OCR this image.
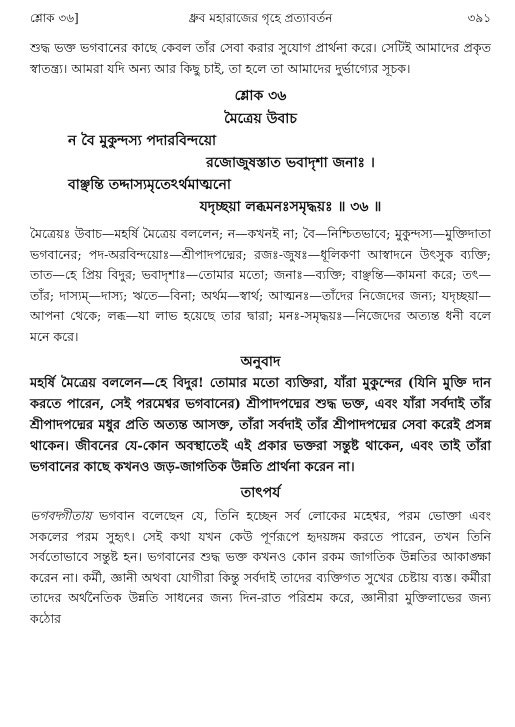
শ্লোক ৩৬]	ধ্রুব মহারাজের গৃহে প্রত্যাবর্তন	৩৯১

শুদ্ধ ভক্ত ভগবানের কাছে কেবল তাঁর সেবা করার সুযোগ প্রার্থনা করে। সেটিই আমাদের প্রকৃত স্বাতন্ত্র্য। আমরা যদি অন্য আর কিছু চাই, তা হলে তা আমাদের দুর্ভাগ্যের সূচক।

শ্লোক ৩৬

মৈত্রেয় উবাচ

ন বৈ মুকুন্দস্য পদারবিন্দয়ো

রজোজুষস্তাত ভবাদৃশা জনাঃ ।

বাঞ্ছন্তি তদ্দাস্যমৃতেঽর্থমাত্মনো

যদৃচ্ছয়া লব্ধমনঃসমৃদ্ধয়ঃ ॥ ৩৬ ॥

মৈত্রেয়ঃ উবাচ—মহর্ষি মৈত্রেয় বললেন; ন—কখনই না; বৈ—নিশ্চিতভাবে; মুকুন্দস্য—মুক্তিদাতা ভগবানের; পদ-অরবিন্দয়োঃ—শ্রীপাদপদ্মের; রজঃ-জুষঃ—ধূলিকণা আস্বাদনে উৎসুক ব্যক্তি; তাত—হে প্রিয় বিদুর; ভবাদৃশাঃ—তোমার মতো; জনাঃ—ব্যক্তি; বাঞ্ছন্তি—কামনা করে; তৎ—তাঁর; দাস্যম্—দাস্য; ঋতে—বিনা; অর্থম—স্বার্থ; আত্মনঃ—তাঁদের নিজেদের জন্য; যদৃচ্ছয়া—আপনা থেকে; লব্ধ—যা লাভ হয়েছে তার দ্বারা; মনঃ-সমৃদ্ধয়ঃ—নিজেদের অত্যন্ত ধনী বলে মনে করে।

অনুবাদ

মহর্ষি মৈত্রেয় বললেন—হে বিদুর! তোমার মতো ব্যক্তিরা, যাঁরা মুকুন্দের (যিনি মুক্তি দান করতে পারেন, সেই পরমেশ্বর ভগবানের) শ্রীপাদপদ্মের শুদ্ধ ভক্ত, এবং যাঁরা সর্বদাই তাঁর শ্রীপাদপদ্মের মধুর প্রতি অত্যন্ত আসক্ত, তাঁরা সর্বদাই তাঁর শ্রীপাদপদ্মের সেবা করেই প্রসন্ন থাকেন। জীবনের যে-কোন অবস্থাতেই এই প্রকার ভক্তরা সন্তুষ্ট থাকেন, এবং তাই তাঁরা ভগবানের কাছে কখনও জড়-জাগতিক উন্নতি প্রার্থনা করেন না।

তাৎপর্য

ভগবদ্গীতায় ভগবান বলেছেন যে, তিনি হচ্ছেন সর্ব লোকের মহেশ্বর, পরম ভোক্তা এবং সকলের পরম সুহৃৎ। সেই কথা যখন কেউ পূর্ণরূপে হৃদয়ঙ্গম করতে পারেন, তখন তিনি সর্বতোভাবে সন্তুষ্ট হন। ভগবানের শুদ্ধ ভক্ত কখনও কোন রকম জাগতিক উন্নতির আকাঙ্ক্ষা করেন না। কর্মী, জ্ঞানী অথবা যোগীরা কিন্তু সর্বদাই তাদের ব্যক্তিগত সুখের চেষ্টায় ব্যস্ত। কর্মীরা তাদের অর্থনৈতিক উন্নতি সাধনের জন্য দিন-রাত পরিশ্রম করে, জ্ঞানীরা মুক্তিলাভের জন্য কঠোর
